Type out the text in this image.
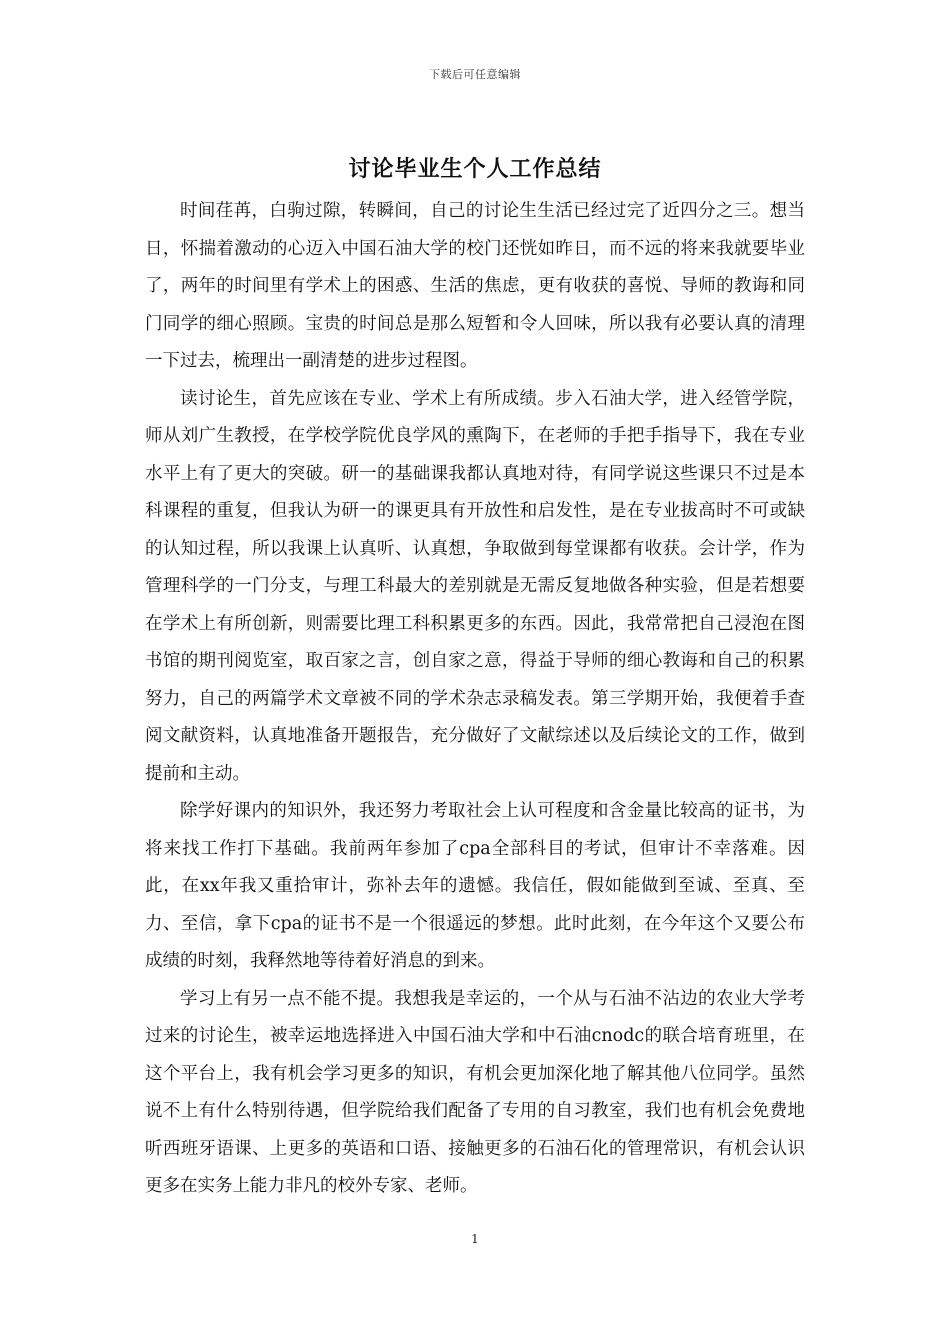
下载后可任意编辑
讨论毕业生个人工作总结

时间荏苒，白驹过隙，转瞬间，自己的讨论生生活已经过完了近四分之三。想当日，怀揣着激动的心迈入中国石油大学的校门还恍如昨日，而不远的将来我就要毕业了，两年的时间里有学术上的困惑、生活的焦虑，更有收获的喜悦、导师的教诲和同门同学的细心照顾。宝贵的时间总是那么短暂和令人回味，所以我有必要认真的清理一下过去，梳理出一副清楚的进步过程图。

读讨论生，首先应该在专业、学术上有所成绩。步入石油大学，进入经管学院，师从刘广生教授，在学校学院优良学风的熏陶下，在老师的手把手指导下，我在专业水平上有了更大的突破。研一的基础课我都认真地对待，有同学说这些课只不过是本科课程的重复，但我认为研一的课更具有开放性和启发性，是在专业拔高时不可或缺的认知过程，所以我课上认真听、认真想，争取做到每堂课都有收获。会计学，作为管理科学的一门分支，与理工科最大的差别就是无需反复地做各种实验，但是若想要在学术上有所创新，则需要比理工科积累更多的东西。因此，我常常把自己浸泡在图书馆的期刊阅览室，取百家之言，创自家之意，得益于导师的细心教诲和自己的积累努力，自己的两篇学术文章被不同的学术杂志录稿发表。第三学期开始，我便着手查阅文献资料，认真地准备开题报告，充分做好了文献综述以及后续论文的工作，做到提前和主动。

除学好课内的知识外，我还努力考取社会上认可程度和含金量比较高的证书，为将来找工作打下基础。我前两年参加了cpa全部科目的考试，但审计不幸落难。因此，在xx年我又重拾审计，弥补去年的遗憾。我信任，假如能做到至诚、至真、至力、至信，拿下cpa的证书不是一个很遥远的梦想。此时此刻，在今年这个又要公布成绩的时刻，我释然地等待着好消息的到来。

学习上有另一点不能不提。我想我是幸运的，一个从与石油不沾边的农业大学考过来的讨论生，被幸运地选择进入中国石油大学和中石油cnodc的联合培育班里，在这个平台上，我有机会学习更多的知识，有机会更加深化地了解其他八位同学。虽然说不上有什么特别待遇，但学院给我们配备了专用的自习教室，我们也有机会免费地听西班牙语课、上更多的英语和口语、接触更多的石油石化的管理常识，有机会认识更多在实务上能力非凡的校外专家、老师。

1
